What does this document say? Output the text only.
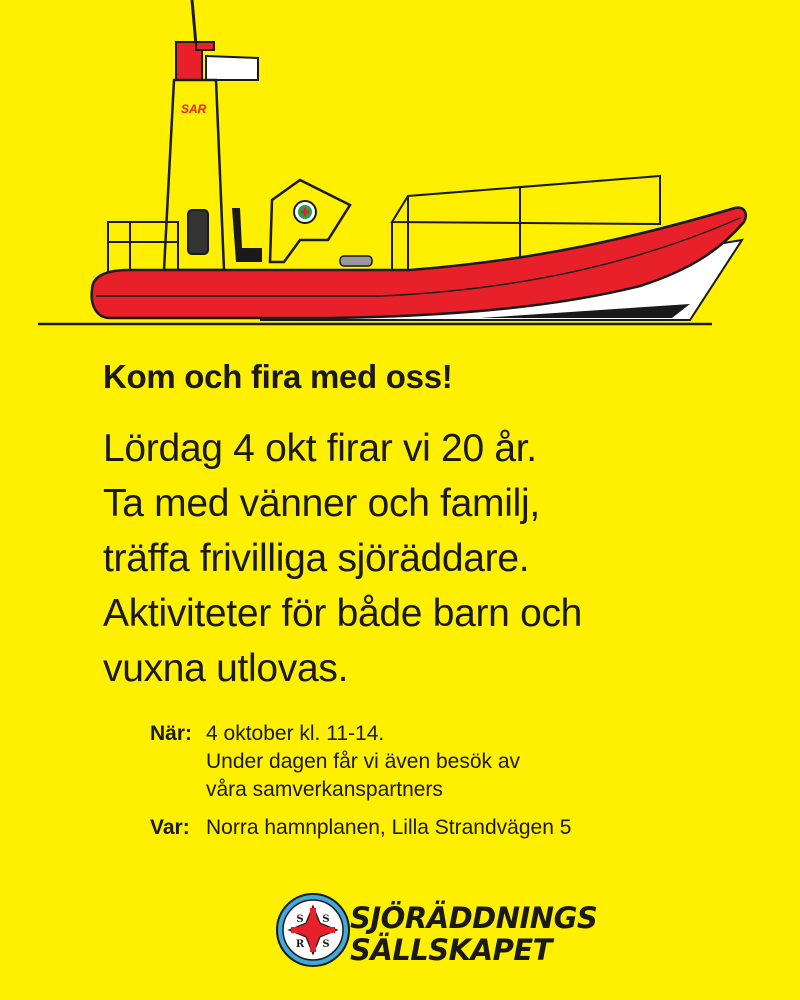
SAR
Kom och fira med oss!

Lördag 4 okt firar vi 20 år.
Ta med vänner och familj,
träffa frivilliga sjöräddare.
Aktiviteter för både barn och
vuxna utlovas.

När: 4 oktober kl. 11-14.
Under dagen får vi även besök av
våra samverkanspartners
Var: Norra hamnplanen, Lilla Strandvägen 5
S S
R S
SJÖRÄDDNINGS
SÄLLSKAPET
